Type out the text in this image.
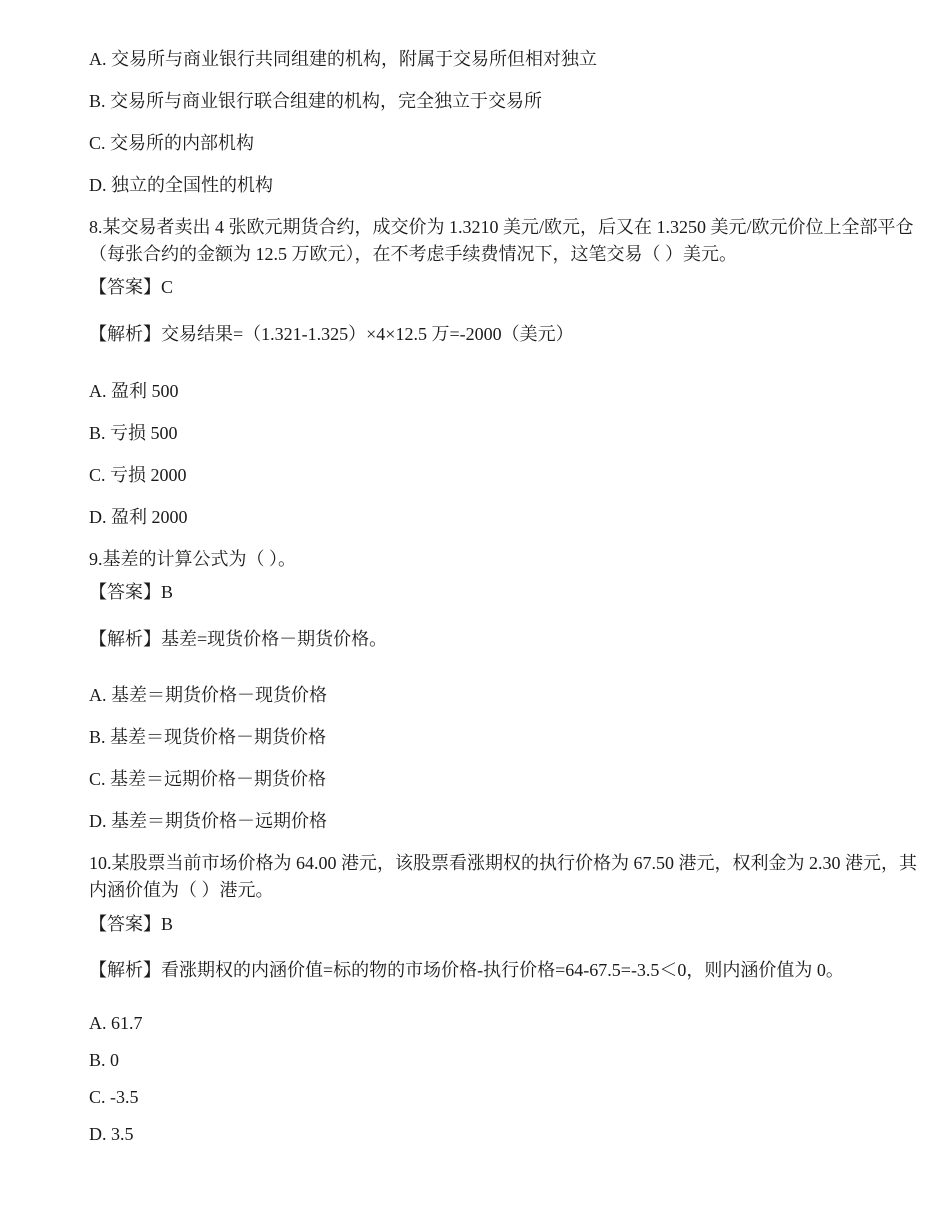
A. 交易所与商业银行共同组建的机构，附属于交易所但相对独立
B. 交易所与商业银行联合组建的机构，完全独立于交易所
C. 交易所的内部机构
D. 独立的全国性的机构
8.某交易者卖出 4 张欧元期货合约，成交价为 1.3210 美元/欧元，后又在 1.3250 美元/欧元价位上全部平仓（每张合约的金额为 12.5 万欧元），在不考虑手续费情况下，这笔交易（ ）美元。
【答案】C
【解析】交易结果=（1.321-1.325）×4×12.5 万=-2000（美元）
A. 盈利 500
B. 亏损 500
C. 亏损 2000
D. 盈利 2000
9.基差的计算公式为（ ）。
【答案】B
【解析】基差=现货价格－期货价格。
A. 基差＝期货价格－现货价格
B. 基差＝现货价格－期货价格
C. 基差＝远期价格－期货价格
D. 基差＝期货价格－远期价格
10.某股票当前市场价格为 64.00 港元，该股票看涨期权的执行价格为 67.50 港元，权利金为 2.30 港元，其内涵价值为（ ）港元。
【答案】B
【解析】看涨期权的内涵价值=标的物的市场价格-执行价格=64-67.5=-3.5＜0，则内涵价值为 0。
A. 61.7
B. 0
C. -3.5
D. 3.5
